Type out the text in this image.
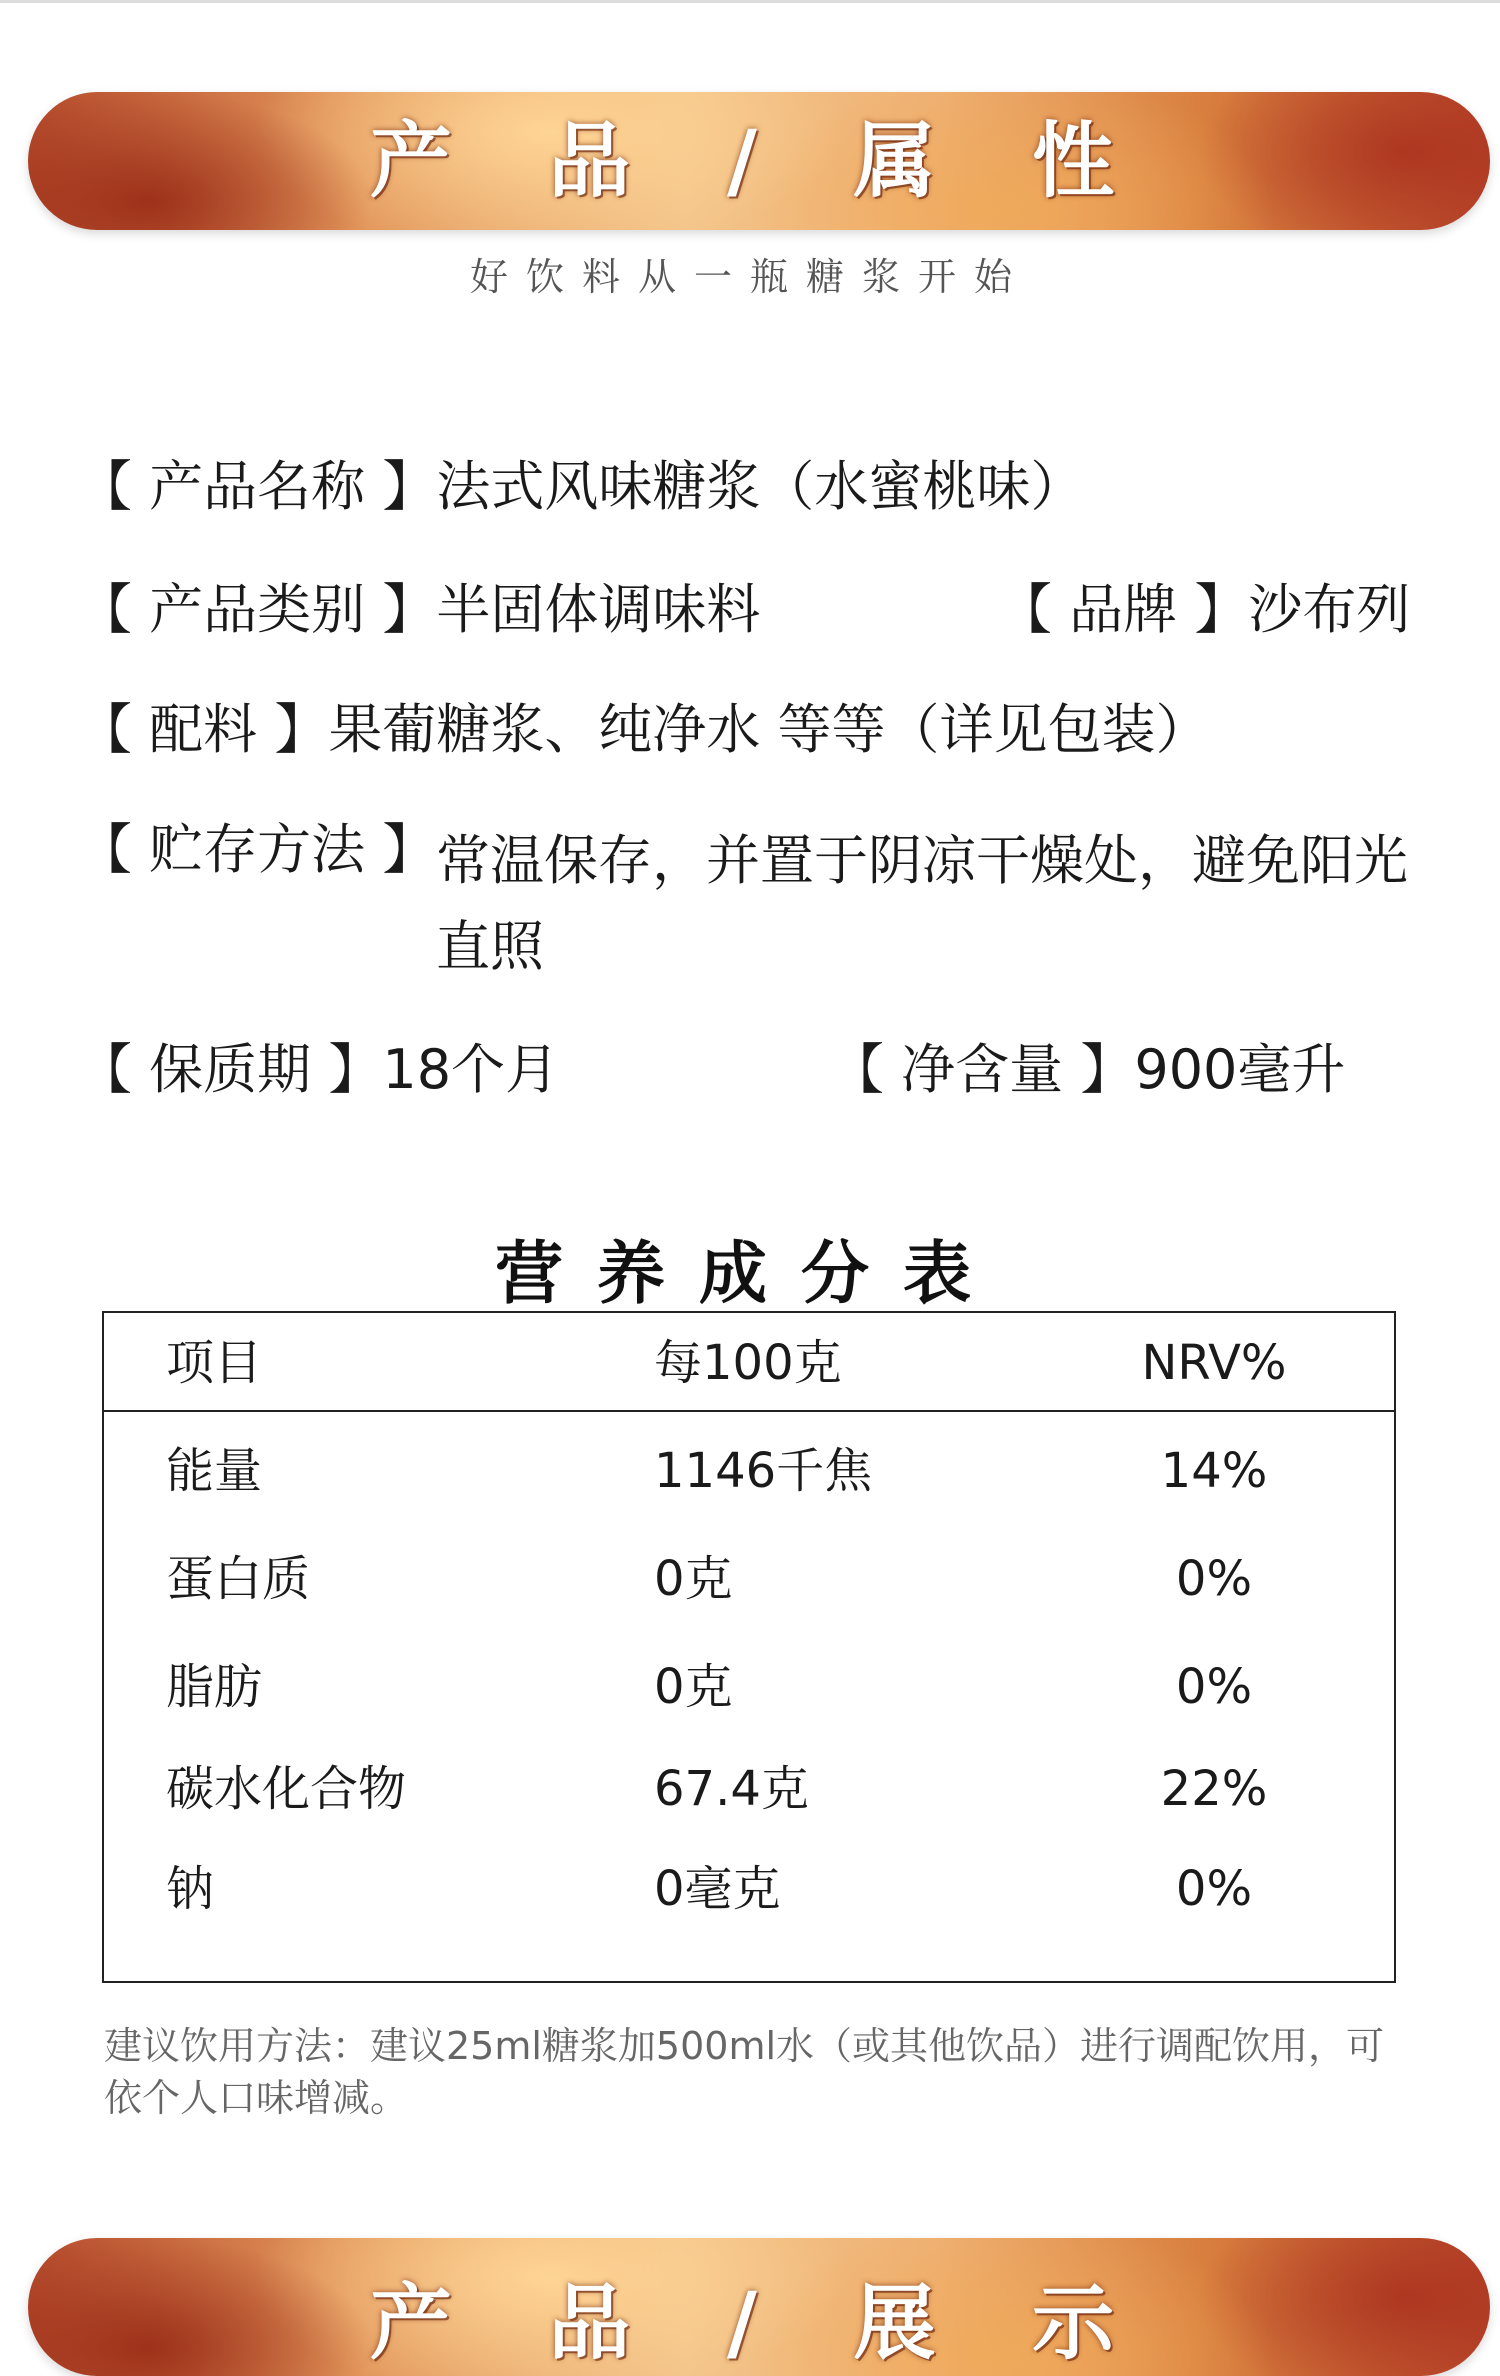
产 品 / 属 性
好饮料从一瓶糖浆开始
【 产品名称 】法式风味糖浆（水蜜桃味）
【 产品类别 】半固体调味料	【 品牌 】沙布列
【 配料 】果葡糖浆、纯净水 等等（详见包装）
【 贮存方法 】 常温保存，并置于阴凉干燥处，避免阳光直照
【 保质期 】18个月	【 净含量 】900毫升
营养成分表
项目	每100克	NRV%
能量	1146千焦	14%
蛋白质	0克	0%
脂肪	0克	0%
碳水化合物	67.4克	22%
钠	0毫克	0%
建议饮用方法：建议25ml糖浆加500ml水（或其他饮品）进行调配饮用，可依个人口味增减。
产 品 / 展 示
